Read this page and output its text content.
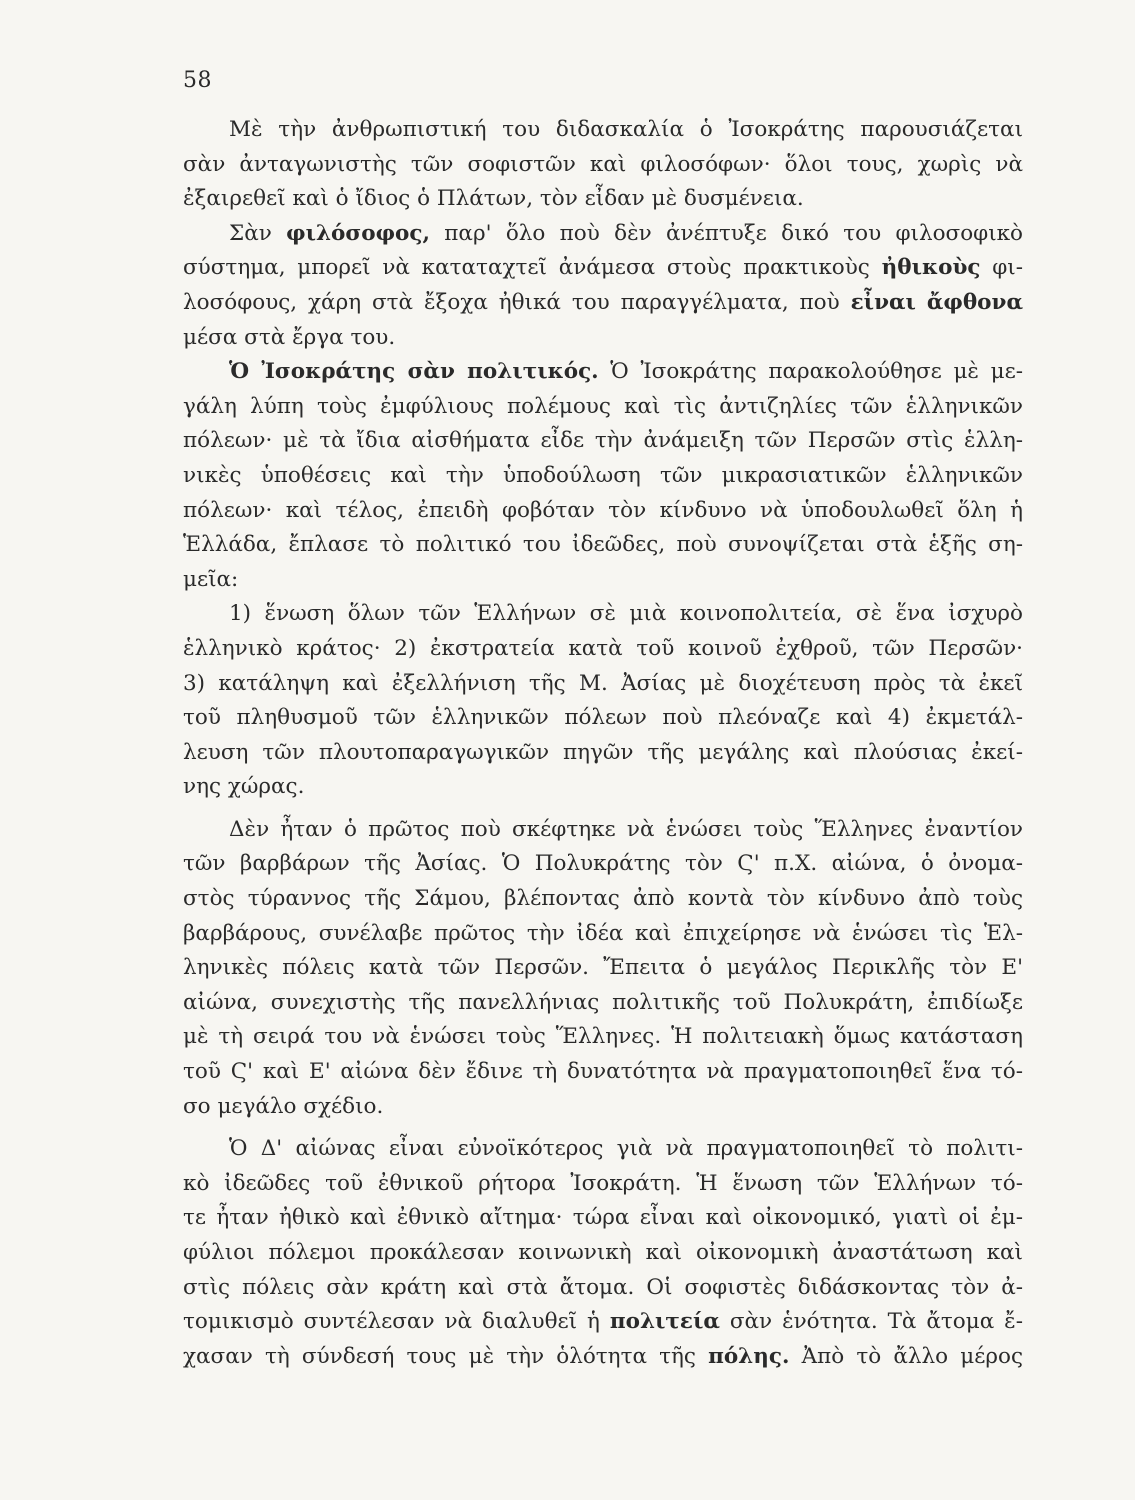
58
Μὲ τὴν ἀνθρωπιστική του διδασκαλία ὁ Ἰσοκράτης παρουσιάζεται
σὰν ἀνταγωνιστὴς τῶν σοφιστῶν καὶ φιλοσόφων· ὅλοι τους, χωρὶς νὰ
ἐξαιρεθεῖ καὶ ὁ ἴδιος ὁ Πλάτων, τὸν εἶδαν μὲ δυσμένεια.
Σὰν φιλόσοφος, παρ' ὅλο ποὺ δὲν ἀνέπτυξε δικό του φιλοσοφικὸ
σύστημα, μπορεῖ νὰ καταταχτεῖ ἀνάμεσα στοὺς πρακτικοὺς ἠθικοὺς φι-
λοσόφους, χάρη στὰ ἔξοχα ἠθικά του παραγγέλματα, ποὺ εἶναι ἄφθονα
μέσα στὰ ἔργα του.
Ὁ Ἰσοκράτης σὰν πολιτικός. Ὁ Ἰσοκράτης παρακολούθησε μὲ με-
γάλη λύπη τοὺς ἐμφύλιους πολέμους καὶ τὶς ἀντιζηλίες τῶν ἑλληνικῶν
πόλεων· μὲ τὰ ἴδια αἰσθήματα εἶδε τὴν ἀνάμειξη τῶν Περσῶν στὶς ἑλλη-
νικὲς ὑποθέσεις καὶ τὴν ὑποδούλωση τῶν μικρασιατικῶν ἑλληνικῶν
πόλεων· καὶ τέλος, ἐπειδὴ φοβόταν τὸν κίνδυνο νὰ ὑποδουλωθεῖ ὅλη ἡ
Ἑλλάδα, ἔπλασε τὸ πολιτικό του ἰδεῶδες, ποὺ συνοψίζεται στὰ ἑξῆς ση-
μεῖα:
1) ἕνωση ὅλων τῶν Ἑλλήνων σὲ μιὰ κοινοπολιτεία, σὲ ἕνα ἰσχυρὸ
ἑλληνικὸ κράτος· 2) ἐκστρατεία κατὰ τοῦ κοινοῦ ἐχθροῦ, τῶν Περσῶν·
3) κατάληψη καὶ ἐξελλήνιση τῆς Μ. Ἀσίας μὲ διοχέτευση πρὸς τὰ ἐκεῖ
τοῦ πληθυσμοῦ τῶν ἑλληνικῶν πόλεων ποὺ πλεόναζε καὶ 4) ἐκμετάλ-
λευση τῶν πλουτοπαραγωγικῶν πηγῶν τῆς μεγάλης καὶ πλούσιας ἐκεί-
νης χώρας.
Δὲν ἦταν ὁ πρῶτος ποὺ σκέφτηκε νὰ ἑνώσει τοὺς Ἕλληνες ἐναντίον
τῶν βαρβάρων τῆς Ἀσίας. Ὁ Πολυκράτης τὸν Ϛ' π.Χ. αἰώνα, ὁ ὀνομα-
στὸς τύραννος τῆς Σάμου, βλέποντας ἀπὸ κοντὰ τὸν κίνδυνο ἀπὸ τοὺς
βαρβάρους, συνέλαβε πρῶτος τὴν ἰδέα καὶ ἐπιχείρησε νὰ ἑνώσει τὶς Ἑλ-
ληνικὲς πόλεις κατὰ τῶν Περσῶν. Ἔπειτα ὁ μεγάλος Περικλῆς τὸν Ε'
αἰώνα, συνεχιστὴς τῆς πανελλήνιας πολιτικῆς τοῦ Πολυκράτη, ἐπιδίωξε
μὲ τὴ σειρά του νὰ ἑνώσει τοὺς Ἕλληνες. Ἡ πολιτειακὴ ὅμως κατάσταση
τοῦ Ϛ' καὶ Ε' αἰώνα δὲν ἔδινε τὴ δυνατότητα νὰ πραγματοποιηθεῖ ἕνα τό-
σο μεγάλο σχέδιο.
Ὁ Δ' αἰώνας εἶναι εὐνοϊκότερος γιὰ νὰ πραγματοποιηθεῖ τὸ πολιτι-
κὸ ἰδεῶδες τοῦ ἐθνικοῦ ρήτορα Ἰσοκράτη. Ἡ ἕνωση τῶν Ἑλλήνων τό-
τε ἦταν ἠθικὸ καὶ ἐθνικὸ αἴτημα· τώρα εἶναι καὶ οἰκονομικό, γιατὶ οἱ ἐμ-
φύλιοι πόλεμοι προκάλεσαν κοινωνικὴ καὶ οἰκονομικὴ ἀναστάτωση καὶ
στὶς πόλεις σὰν κράτη καὶ στὰ ἄτομα. Οἱ σοφιστὲς διδάσκοντας τὸν ἀ-
τομικισμὸ συντέλεσαν νὰ διαλυθεῖ ἡ πολιτεία σὰν ἑνότητα. Τὰ ἄτομα ἔ-
χασαν τὴ σύνδεσή τους μὲ τὴν ὁλότητα τῆς πόλης. Ἀπὸ τὸ ἄλλο μέρος
